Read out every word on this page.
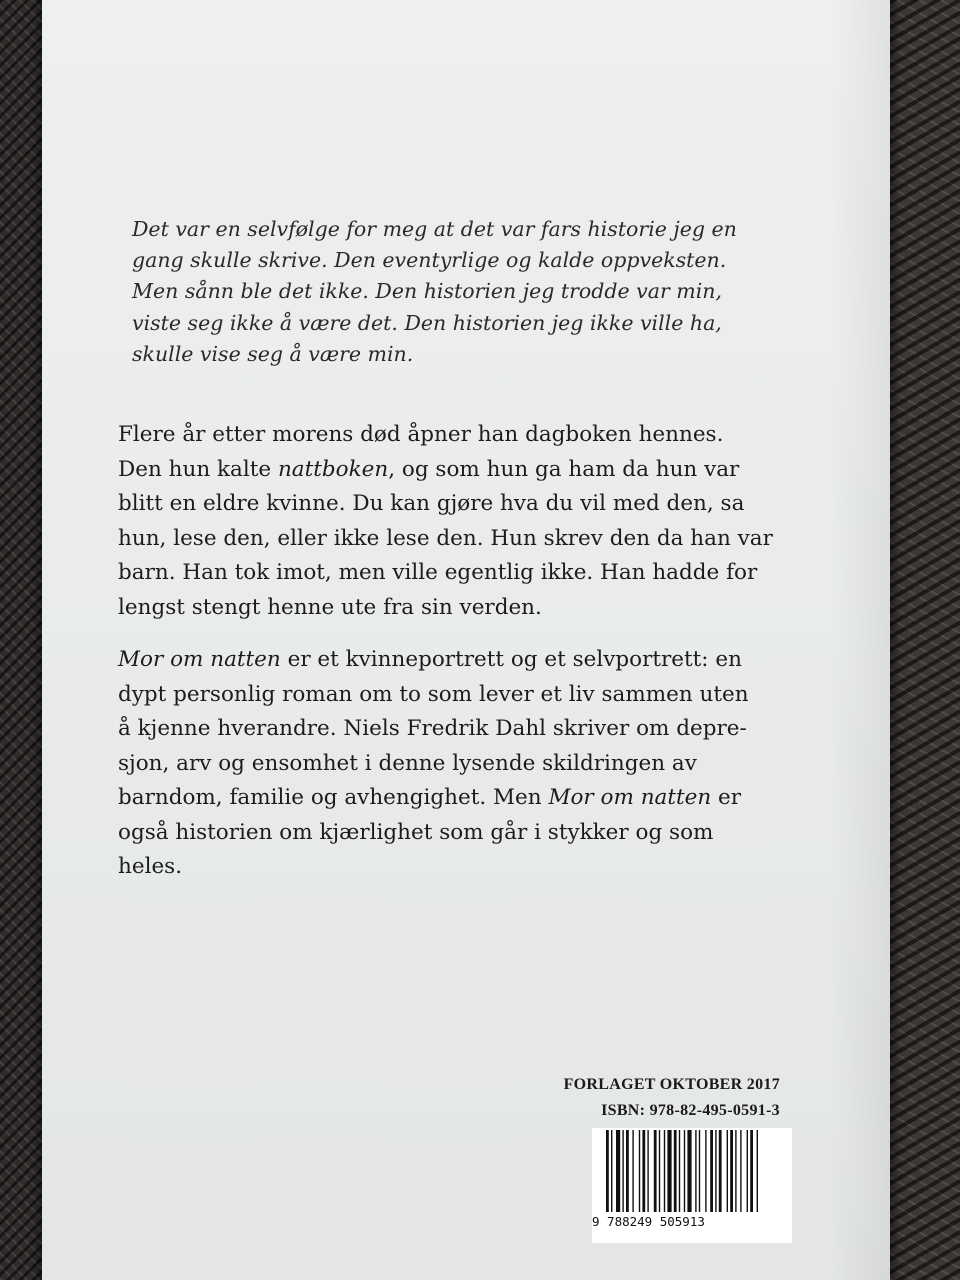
Det var en selvfølge for meg at det var fars historie jeg en

gang skulle skrive. Den eventyrlige og kalde oppveksten.

Men sånn ble det ikke. Den historien jeg trodde var min,

viste seg ikke å være det. Den historien jeg ikke ville ha,

skulle vise seg å være min.

Flere år etter morens død åpner han dagboken hennes.
Den hun kalte nattboken, og som hun ga ham da hun var
blitt en eldre kvinne. Du kan gjøre hva du vil med den, sa
hun, lese den, eller ikke lese den. Hun skrev den da han var
barn. Han tok imot, men ville egentlig ikke. Han hadde for
lengst stengt henne ute fra sin verden.

Mor om natten er et kvinneportrett og et selvportrett: en
dypt personlig roman om to som lever et liv sammen uten
å kjenne hverandre. Niels Fredrik Dahl skriver om depre-
sjon, arv og ensomhet i denne lysende skildringen av
barndom, familie og avhengighet. Men Mor om natten er
også historien om kjærlighet som går i stykker og som
heles.

FORLAGET OKTOBER 2017
ISBN: 978-82-495-0591-3
9 788249 505913
